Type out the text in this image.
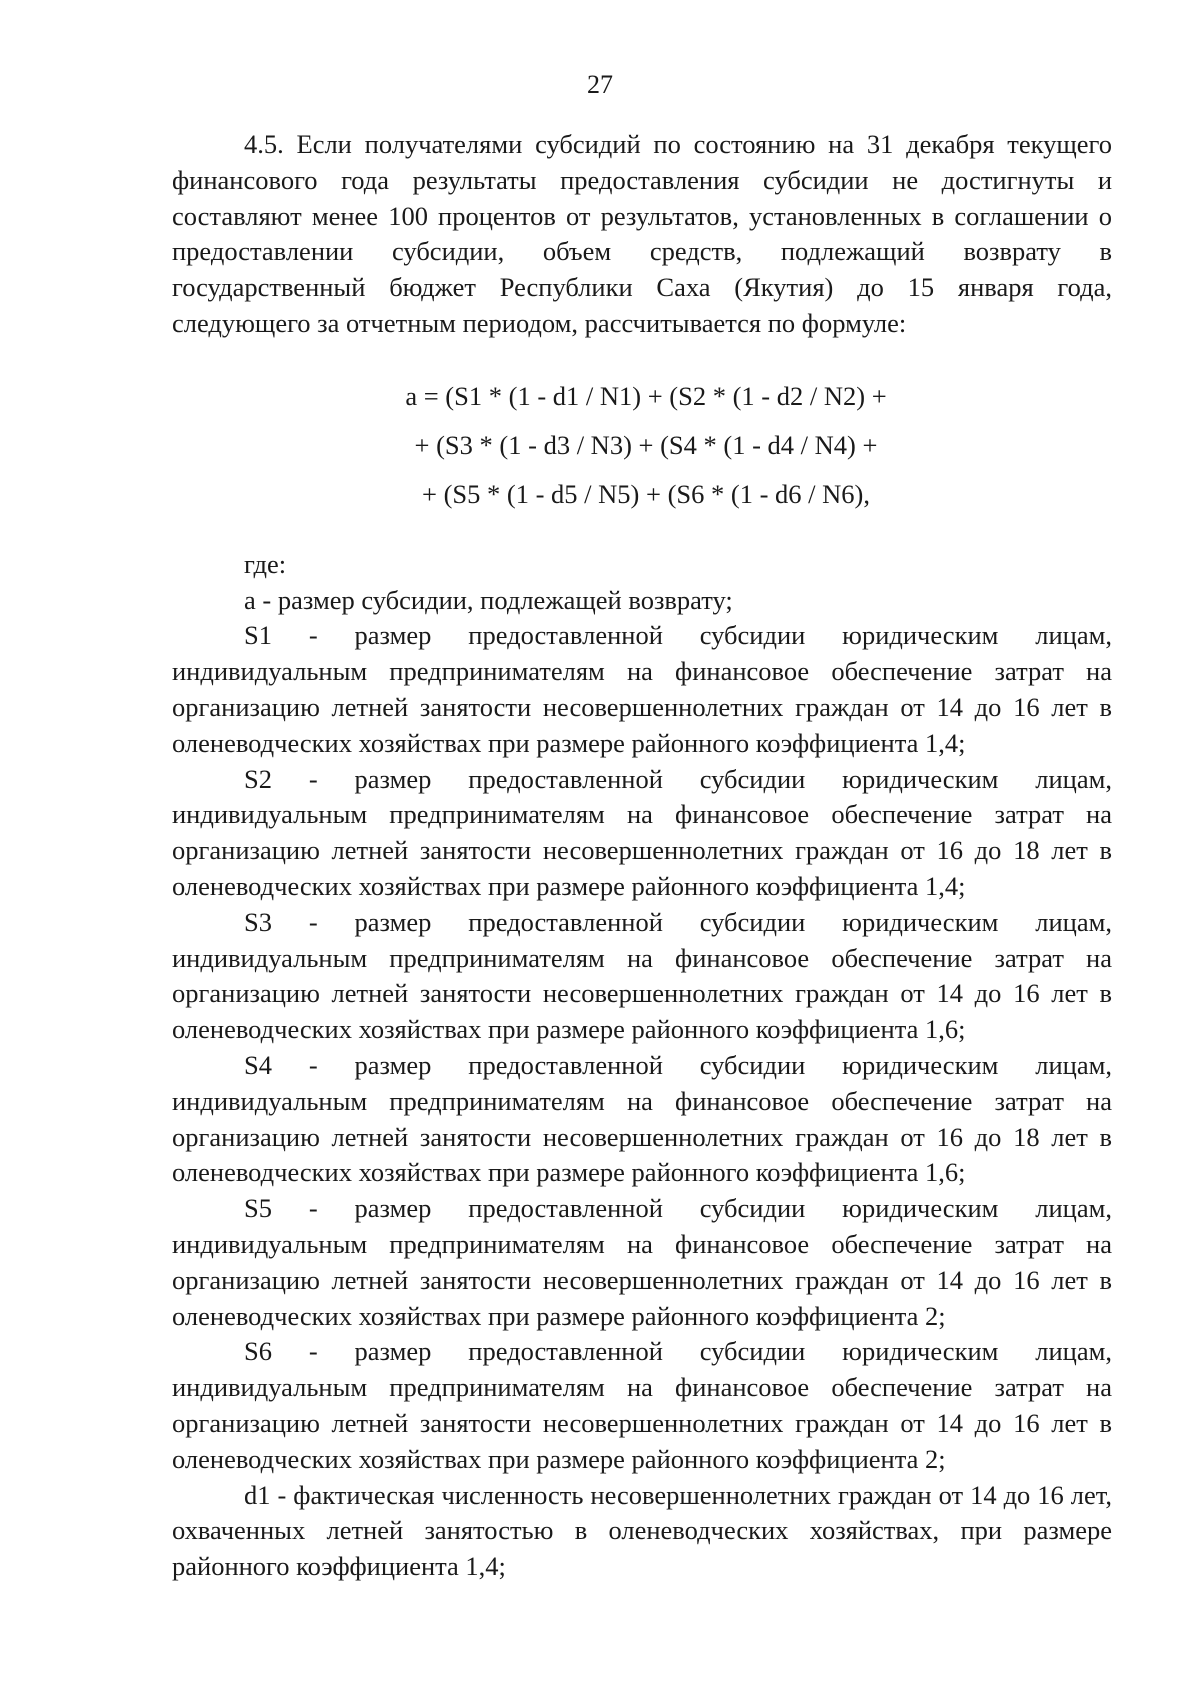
27

4.5. Если получателями субсидий по состоянию на 31 декабря текущего финансового года результаты предоставления субсидии не достигнуты и составляют менее 100 процентов от результатов, установленных в соглашении о предоставлении субсидии, объем средств, подлежащий возврату в государственный бюджет Республики Саха (Якутия) до 15 января года, следующего за отчетным периодом, рассчитывается по формуле:

a = (S1 * (1 - d1 / N1) + (S2 * (1 - d2 / N2) +
+ (S3 * (1 - d3 / N3) + (S4 * (1 - d4 / N4) +
+ (S5 * (1 - d5 / N5) + (S6 * (1 - d6 / N6),

где:

a - размер субсидии, подлежащей возврату;

S1 - размер предоставленной субсидии юридическим лицам, индивидуальным предпринимателям на финансовое обеспечение затрат на организацию летней занятости несовершеннолетних граждан от 14 до 16 лет в оленеводческих хозяйствах при размере районного коэффициента 1,4;

S2 - размер предоставленной субсидии юридическим лицам, индивидуальным предпринимателям на финансовое обеспечение затрат на организацию летней занятости несовершеннолетних граждан от 16 до 18 лет в оленеводческих хозяйствах при размере районного коэффициента 1,4;

S3 - размер предоставленной субсидии юридическим лицам, индивидуальным предпринимателям на финансовое обеспечение затрат на организацию летней занятости несовершеннолетних граждан от 14 до 16 лет в оленеводческих хозяйствах при размере районного коэффициента 1,6;

S4 - размер предоставленной субсидии юридическим лицам, индивидуальным предпринимателям на финансовое обеспечение затрат на организацию летней занятости несовершеннолетних граждан от 16 до 18 лет в оленеводческих хозяйствах при размере районного коэффициента 1,6;

S5 - размер предоставленной субсидии юридическим лицам, индивидуальным предпринимателям на финансовое обеспечение затрат на организацию летней занятости несовершеннолетних граждан от 14 до 16 лет в оленеводческих хозяйствах при размере районного коэффициента 2;

S6 - размер предоставленной субсидии юридическим лицам, индивидуальным предпринимателям на финансовое обеспечение затрат на организацию летней занятости несовершеннолетних граждан от 14 до 16 лет в оленеводческих хозяйствах при размере районного коэффициента 2;

d1 - фактическая численность несовершеннолетних граждан от 14 до 16 лет, охваченных летней занятостью в оленеводческих хозяйствах, при размере районного коэффициента 1,4;
